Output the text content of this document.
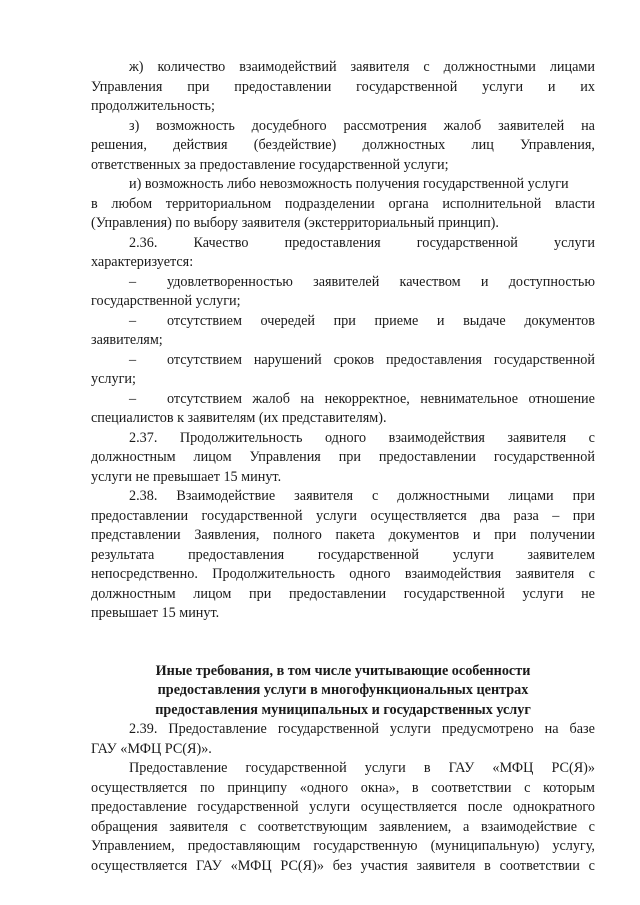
ж) количество взаимодействий заявителя с должностными лицами
Управления при предоставлении государственной услуги и их
продолжительность;
з) возможность досудебного рассмотрения жалоб заявителей на
решения, действия (бездействие) должностных лиц Управления,
ответственных за предоставление государственной услуги;
и) возможность либо невозможность получения государственной услуги
в любом территориальном подразделении органа исполнительной власти
(Управления) по выбору заявителя (экстерриториальный принцип).
2.36.	Качество	предоставления	государственной	услуги
характеризуется:
–	удовлетворенностью заявителей качеством и доступностью
государственной услуги;
–	отсутствием очередей при приеме и выдаче документов
заявителям;
–	отсутствием нарушений сроков предоставления государственной
услуги;
–	отсутствием жалоб на некорректное, невнимательное отношение
специалистов к заявителям (их представителям).
2.37. Продолжительность одного взаимодействия заявителя с
должностным лицом Управления при предоставлении государственной
услуги не превышает 15 минут.
2.38. Взаимодействие заявителя с должностными лицами при
предоставлении государственной услуги осуществляется два раза – при
представлении Заявления, полного пакета документов и при получении
результата предоставления государственной услуги заявителем
непосредственно. Продолжительность одного взаимодействия заявителя с
должностным лицом при предоставлении государственной услуги не
превышает 15 минут.
Иные требования, в том числе учитывающие особенности
предоставления услуги в многофункциональных центрах
предоставления муниципальных и государственных услуг
2.39. Предоставление государственной услуги предусмотрено на базе
ГАУ «МФЦ РС(Я)».
Предоставление государственной услуги в ГАУ «МФЦ РС(Я)»
осуществляется по принципу «одного окна», в соответствии с которым
предоставление государственной услуги осуществляется после однократного
обращения заявителя с соответствующим заявлением, а взаимодействие с
Управлением, предоставляющим государственную (муниципальную) услугу,
осуществляется ГАУ «МФЦ РС(Я)» без участия заявителя в соответствии с
